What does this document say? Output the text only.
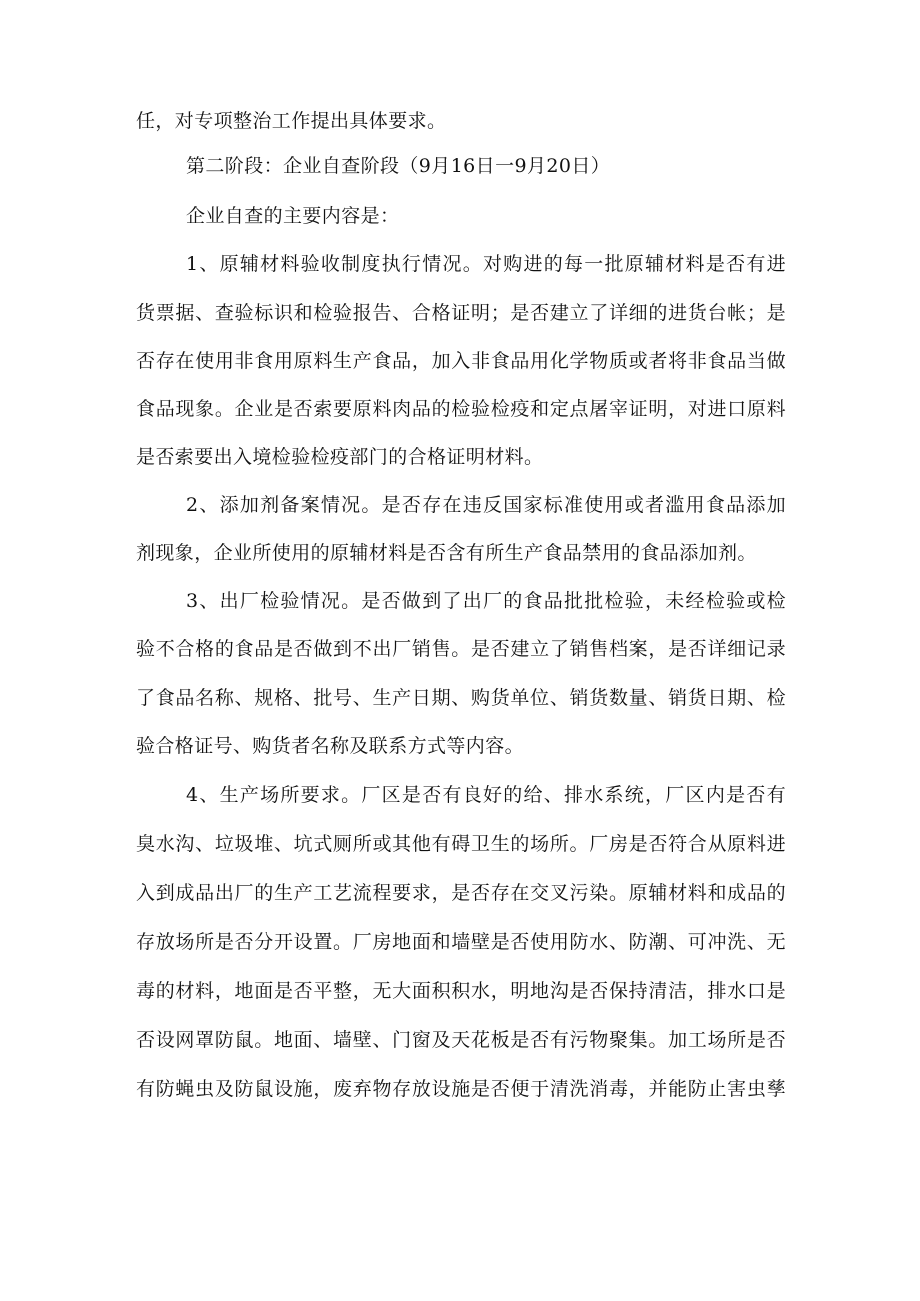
任，对专项整治工作提出具体要求。
第二阶段：企业自查阶段（9月16日一9月20日）
企业自查的主要内容是：
1、原辅材料验收制度执行情况。对购进的每一批原辅材料是否有进
货票据、查验标识和检验报告、合格证明；是否建立了详细的进货台帐；是
否存在使用非食用原料生产食品，加入非食品用化学物质或者将非食品当做
食品现象。企业是否索要原料肉品的检验检疫和定点屠宰证明，对进口原料
是否索要出入境检验检疫部门的合格证明材料。
2、添加剂备案情况。是否存在违反国家标准使用或者滥用食品添加
剂现象，企业所使用的原辅材料是否含有所生产食品禁用的食品添加剂。
3、出厂检验情况。是否做到了出厂的食品批批检验，未经检验或检
验不合格的食品是否做到不出厂销售。是否建立了销售档案，是否详细记录
了食品名称、规格、批号、生产日期、购货单位、销货数量、销货日期、检
验合格证号、购货者名称及联系方式等内容。
4、生产场所要求。厂区是否有良好的给、排水系统，厂区内是否有
臭水沟、垃圾堆、坑式厕所或其他有碍卫生的场所。厂房是否符合从原料进
入到成品出厂的生产工艺流程要求，是否存在交叉污染。原辅材料和成品的
存放场所是否分开设置。厂房地面和墙壁是否使用防水、防潮、可冲洗、无
毒的材料，地面是否平整，无大面积积水，明地沟是否保持清洁，排水口是
否设网罩防鼠。地面、墙壁、门窗及天花板是否有污物聚集。加工场所是否
有防蝇虫及防鼠设施，废弃物存放设施是否便于清洗消毒，并能防止害虫孳
